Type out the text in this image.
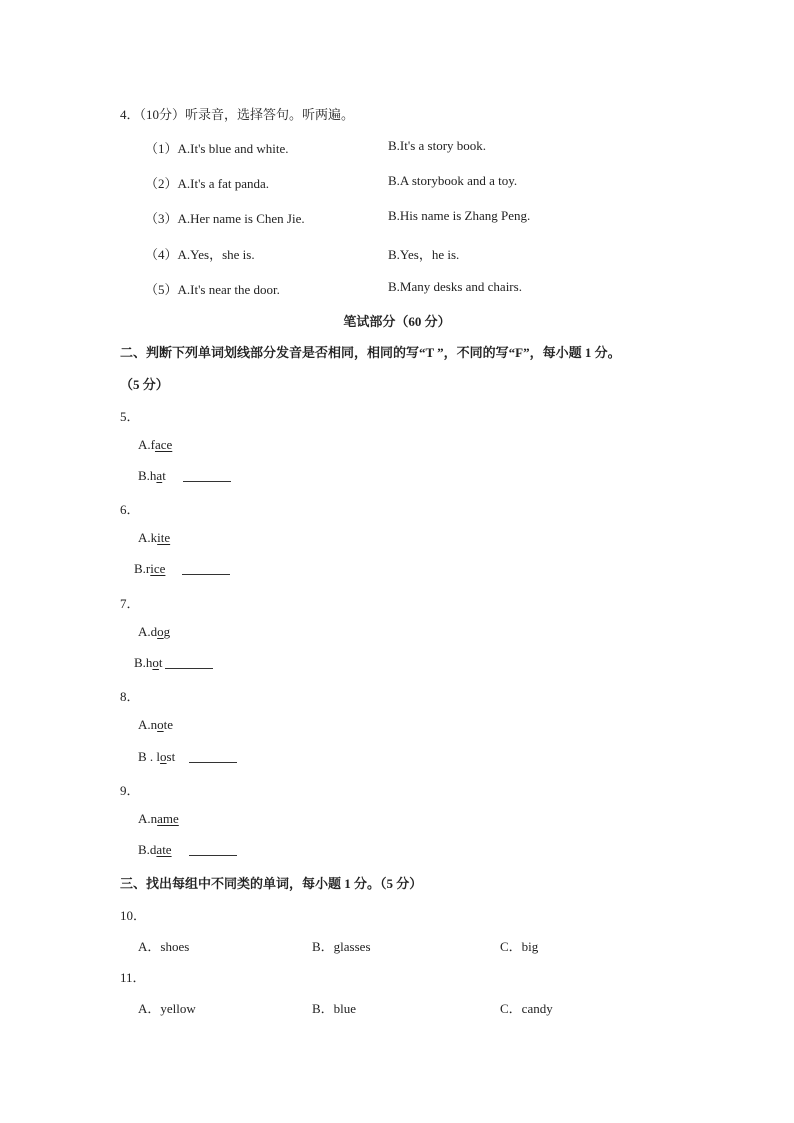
4．（10分）听录音，选择答句。听两遍。
（1）A.It's blue and white.	B.It's a story book.
（2）A.It's a fat panda.	B.A storybook and a toy.
（3）A.Her name is Chen Jie.	B.His name is Zhang Peng.
（4）A.Yes，she is.	B.Yes，he is.
（5）A.It's near the door.	B.Many desks and chairs.
笔试部分（60 分）
二、判断下列单词划线部分发音是否相同，相同的写“T ”，不同的写“F”，每小题 1 分。
（5 分）
5．
A.face
B.hat
6．
A.kite
B.rice
7．
A.dog
B.hot
8．
A.note
B . lost
9．
A.name
B.date
三、找出每组中不同类的单词，每小题 1 分。（5 分）
10．
A．shoes	B．glasses	C．big
11．
A．yellow	B．blue	C．candy
